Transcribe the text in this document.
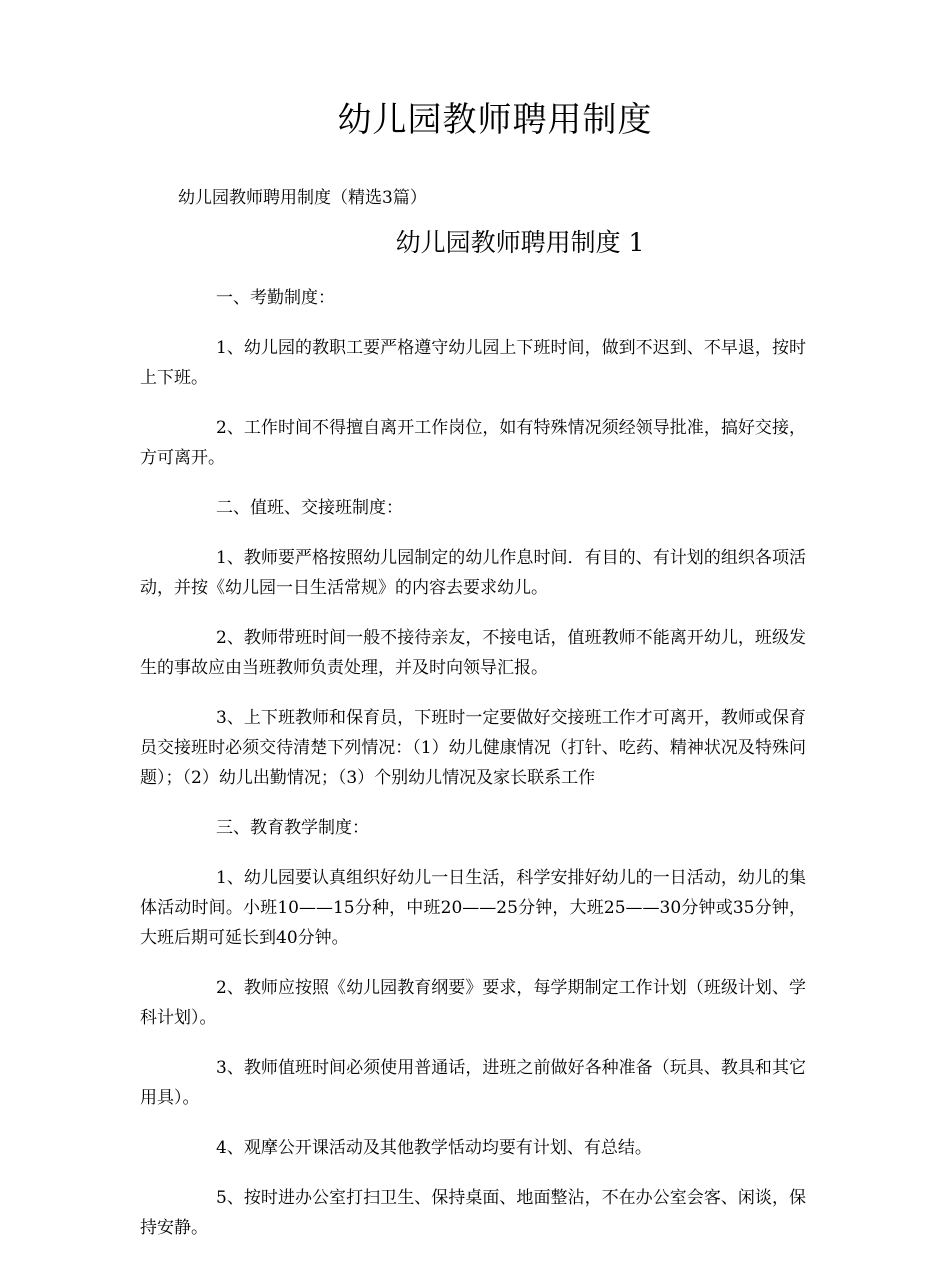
幼儿园教师聘用制度

幼儿园教师聘用制度（精选3篇）

幼儿园教师聘用制度 1

一、考勤制度：

1、幼儿园的教职工要严格遵守幼儿园上下班时间，做到不迟到、不早退，按时上下班。

2、工作时间不得擅自离开工作岗位，如有特殊情况须经领导批准，搞好交接，方可离开。

二、值班、交接班制度：

1、教师要严格按照幼儿园制定的幼儿作息时间．有目的、有计划的组织各项活动，并按《幼儿园一日生活常规》的内容去要求幼儿。

2、教师带班时间一般不接待亲友，不接电话，值班教师不能离开幼儿，班级发生的事故应由当班教师负责处理，并及时向领导汇报。

3、上下班教师和保育员，下班时一定要做好交接班工作才可离开，教师或保育员交接班时必须交待清楚下列情况：（1）幼儿健康情况（打针、吃药、精神状况及特殊问题）；（2）幼儿出勤情况；（3）个别幼儿情况及家长联系工作

三、教育教学制度：

1、幼儿园要认真组织好幼儿一日生活，科学安排好幼儿的一日活动，幼儿的集体活动时间。小班10——15分种，中班20——25分钟，大班25——30分钟或35分钟，大班后期可延长到40分钟。

2、教师应按照《幼儿园教育纲要》要求，每学期制定工作计划（班级计划、学科计划）。

3、教师值班时间必须使用普通话，进班之前做好各种准备（玩具、教具和其它用具）。

4、观摩公开课活动及其他教学恬动均要有计划、有总结。

5、按时进办公室打扫卫生、保持桌面、地面整沾，不在办公室会客、闲谈，保持安静。
